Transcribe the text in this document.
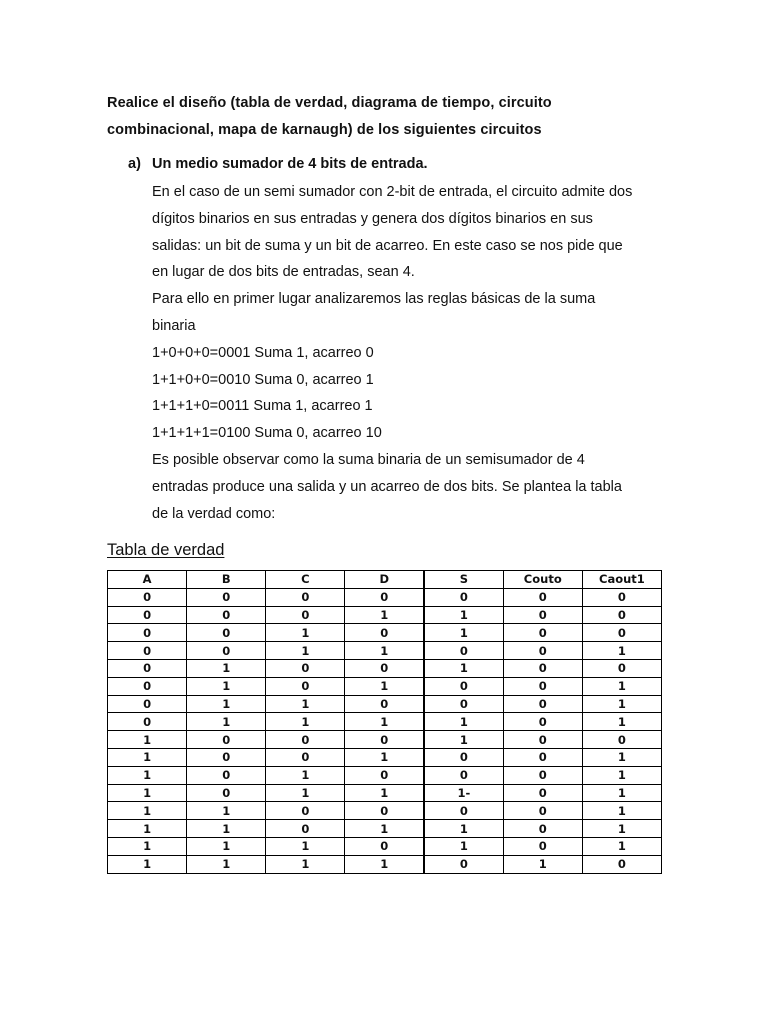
Realice el diseño (tabla de verdad, diagrama de tiempo, circuito
combinacional, mapa de karnaugh) de los siguientes circuitos
a) Un medio sumador de 4 bits de entrada.
En el caso de un semi sumador con 2-bit de entrada, el circuito admite dos
dígitos binarios en sus entradas y genera dos dígitos binarios en sus
salidas: un bit de suma y un bit de acarreo. En este caso se nos pide que
en lugar de dos bits de entradas, sean 4.
Para ello en primer lugar analizaremos las reglas básicas de la suma
binaria
1+0+0+0=0001 Suma 1, acarreo 0
1+1+0+0=0010 Suma 0, acarreo 1
1+1+1+0=0011 Suma 1, acarreo 1
1+1+1+1=0100 Suma 0, acarreo 10
Es posible observar como la suma binaria de un semisumador de 4
entradas produce una salida y un acarreo de dos bits. Se plantea la tabla
de la verdad como:
Tabla de verdad
A	B	C	D	S	Couto	Caout1
0	0	0	0	0	0	0
0	0	0	1	1	0	0
0	0	1	0	1	0	0
0	0	1	1	0	0	1
0	1	0	0	1	0	0
0	1	0	1	0	0	1
0	1	1	0	0	0	1
0	1	1	1	1	0	1
1	0	0	0	1	0	0
1	0	0	1	0	0	1
1	0	1	0	0	0	1
1	0	1	1	1-	0	1
1	1	0	0	0	0	1
1	1	0	1	1	0	1
1	1	1	0	1	0	1
1	1	1	1	0	1	0
